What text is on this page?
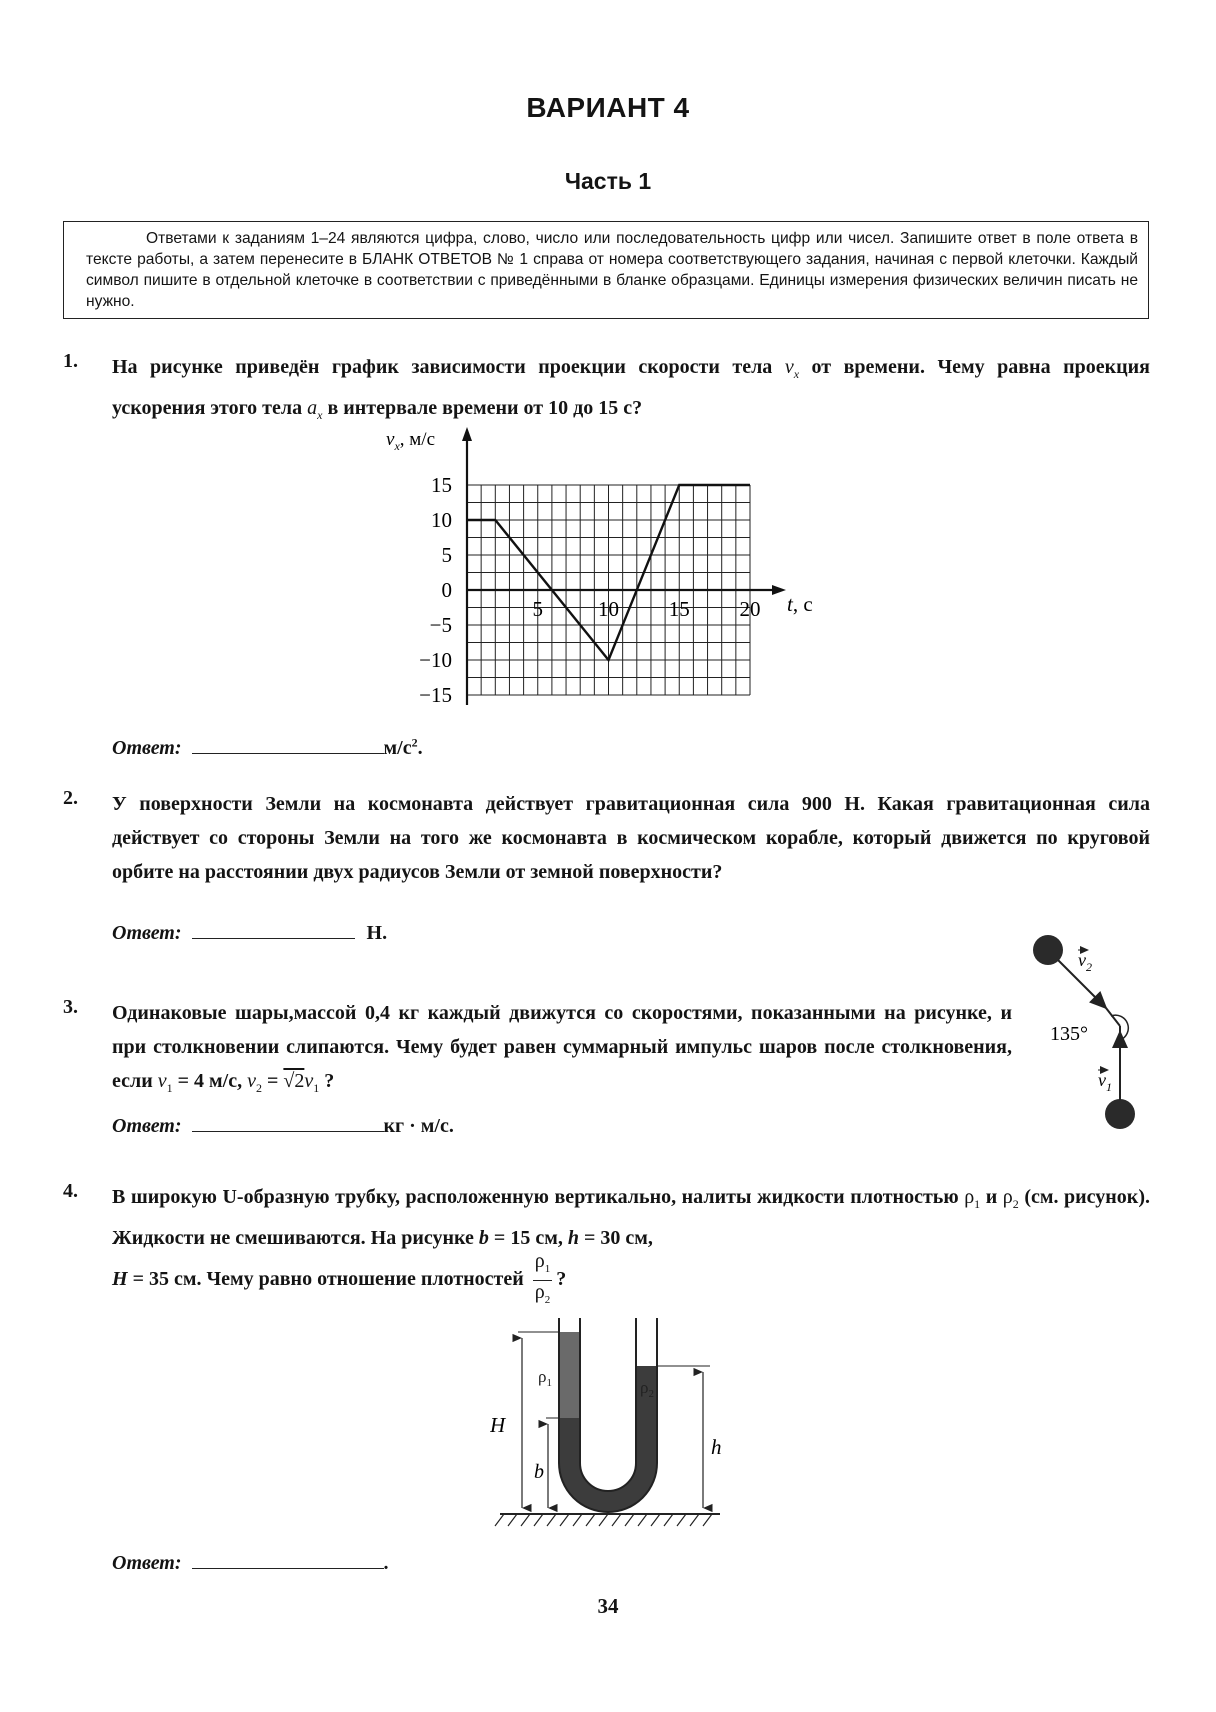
ВАРИАНТ 4
Часть 1
Ответами к заданиям 1–24 являются цифра, слово, число или последовательность цифр или чисел. Запишите ответ в поле ответа в тексте работы, а затем перенесите в БЛАНК ОТВЕТОВ № 1 справа от номера соответствующего задания, начиная с первой клеточки. Каждый символ пишите в отдельной клеточке в соответствии с приведёнными в бланке образцами. Единицы измерения физических величин писать не нужно.
1. На рисунке приведён график зависимости проекции скорости тела $v_x$ от времени. Чему равна проекция ускорения этого тела $a_x$ в интервале времени от 10 до 15 с?
15
10
5
0
−5
−10
−15
5	10 15 20
$v_x$, м/с
t, с
Ответ:	$м/с^2$.
2. У поверхности Земли на космонавта действует гравитационная сила 900 Н. Какая гравитационная сила действует со стороны Земли на того же космонавта в космическом корабле, который движется по круговой орбите на расстоянии двух радиусов Земли от земной поверхности?
Ответ:	Н.
3. Одинаковые шары,массой 0,4 кг каждый движутся со скоростями, показанными на рисунке, и при столкновении слипаются. Чему будет равен суммарный импульс шаров после столкновения, если $v_1 = 4$ м/с, $v_2 = √2v_1$ ?
135°
$v_2$
$v_1$
Ответ:	кг · м/с.
4. В широкую U-образную трубку, расположенную вертикально, налиты жидкости плотностью $\rho_1$ и $\rho_2$ (см. рисунок). Жидкости не смешиваются. На рисунке b = 15 см, h = 30 см,
H = 35 см. Чему равно отношение плотностей $\frac{\rho_1}{\rho_2}$ ?
H
b
h
$\rho_2$
$\rho_1$
Ответ:	.
34
